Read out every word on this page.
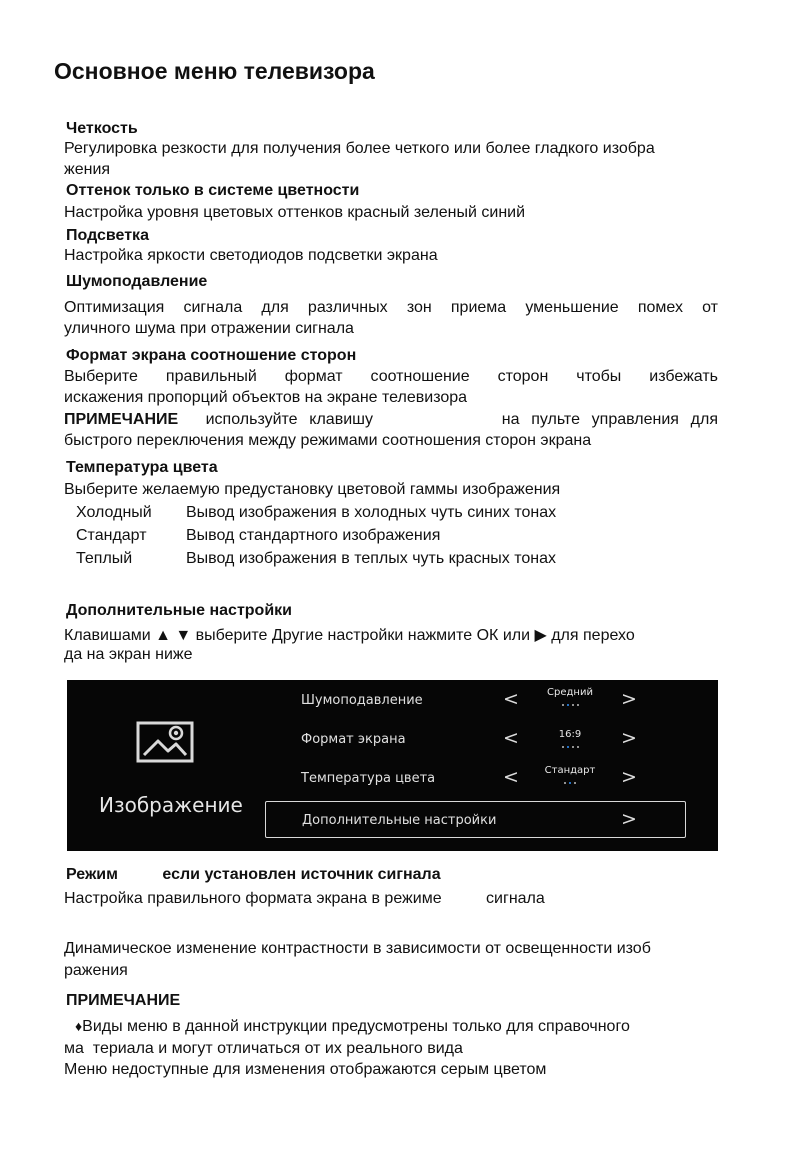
Основное меню телевизора
Четкость
Регулировка резкости для получения более четкого или более гладкого изобра
жения
Оттенок только в системе цветности
Настройка уровня цветовых оттенков красный зеленый синий
Подсветка
Настройка яркости светодиодов подсветки экрана
Шумоподавление
Оптимизация сигнала для различных зон приема уменьшение помех от
уличного шума при отражении сигнала
Формат экрана соотношение сторон
Выберите правильный формат соотношение сторон чтобы избежать
искажения пропорций объектов на экране телевизора
ПРИМЕЧАНИЕ используйте клавишу           на пульте управления для
быстрого переключения между режимами соотношения сторон экрана
Температура цвета
Выберите желаемую предустановку цветовой гаммы изображения
Холодный Вывод изображения в холодных чуть синих тонах
Стандарт Вывод стандартного изображения
Теплый	Вывод изображения в теплых чуть красных тонах
Дополнительные настройки
Клавишами ▲ ▼ выберите Другие настройки нажмите ОК или ▶ для перехо
да на экран ниже
Изображение
Шумоподавление	<	Средний	>
Формат экрана	<	16:9	>
Температура цвета	<	Стандарт	>
Дополнительные настройки	>
Режим          если установлен источник сигнала
Настройка правильного формата экрана в режиме          сигнала
Динамическое изменение контрастности в зависимости от освещенности изоб
ражения
ПРИМЕЧАНИЕ
♦Виды меню в данной инструкции предусмотрены только для справочного
ма  териала и могут отличаться от их реального вида
Меню недоступные для изменения отображаются серым цветом
